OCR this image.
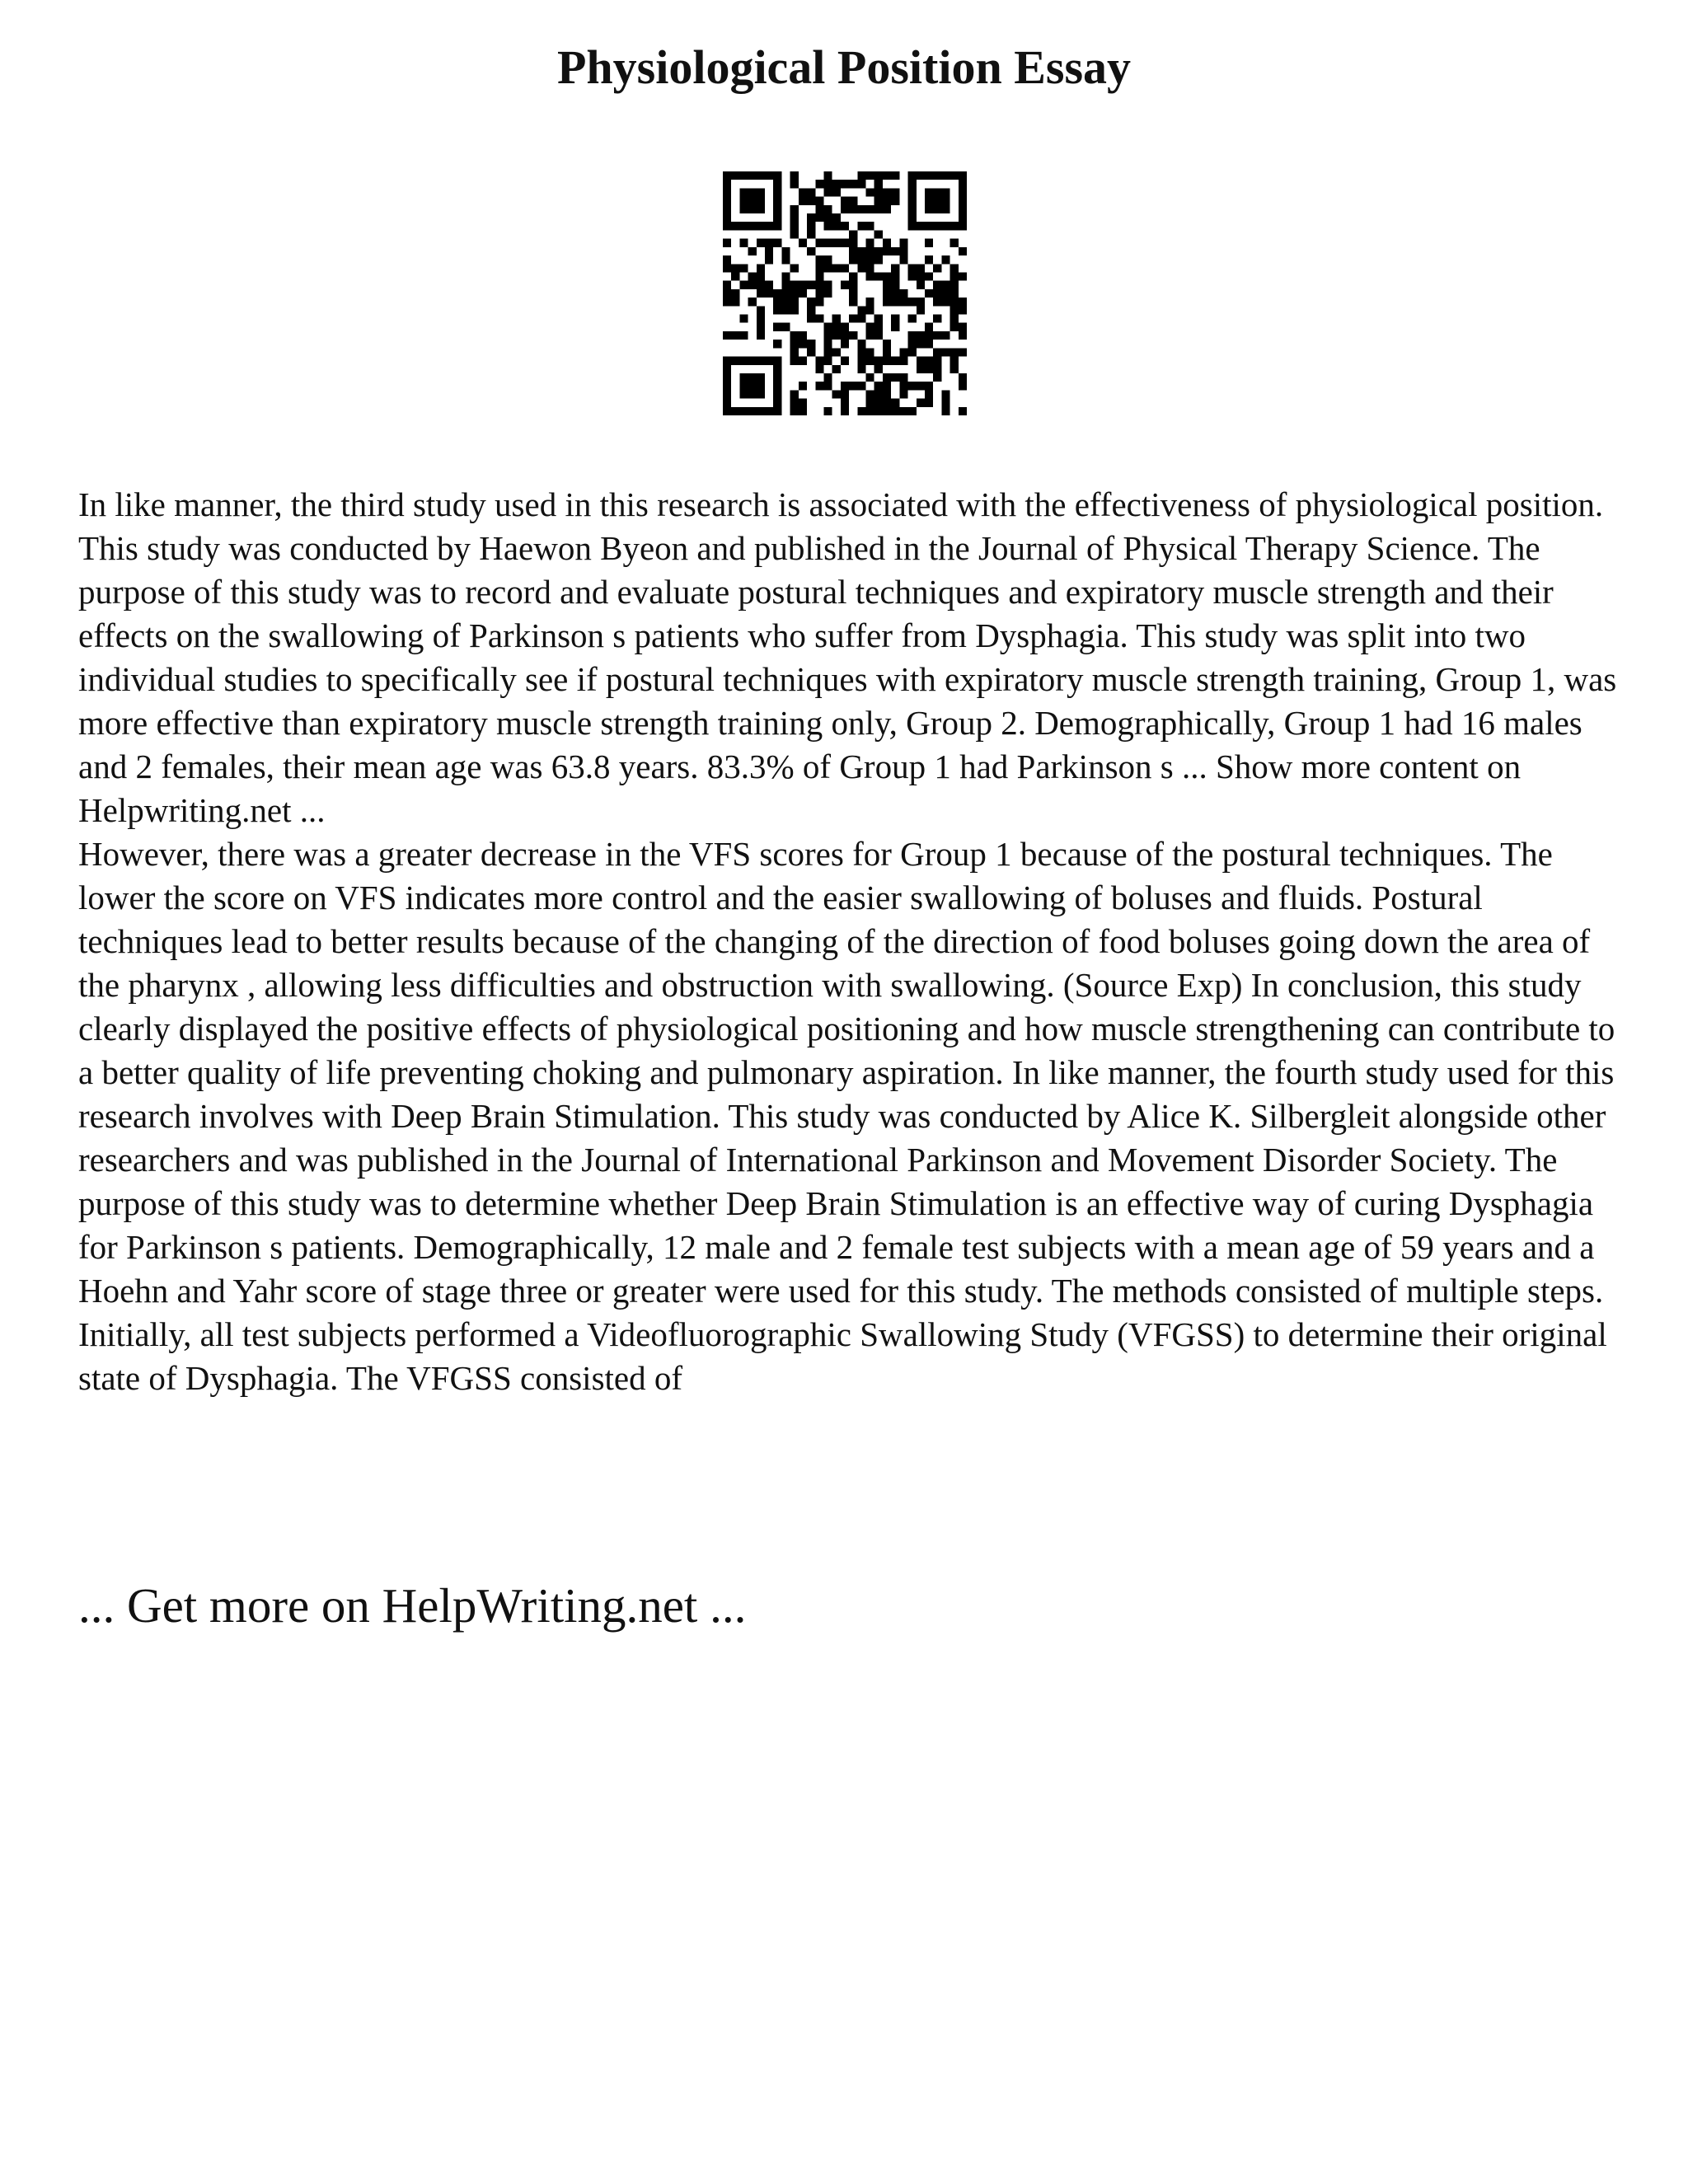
Physiological Position Essay

In like manner, the third study used in this research is associated with the effectiveness of physiological position. This study was conducted by Haewon Byeon and published in the Journal of Physical Therapy Science. The purpose of this study was to record and evaluate postural techniques and expiratory muscle strength and their effects on the swallowing of Parkinson s patients who suffer from Dysphagia. This study was split into two individual studies to specifically see if postural techniques with expiratory muscle strength training, Group 1, was more effective than expiratory muscle strength training only, Group 2. Demographically, Group 1 had 16 males and 2 females, their mean age was 63.8 years. 83.3% of Group 1 had Parkinson s ... Show more content on Helpwriting.net ...

However, there was a greater decrease in the VFS scores for Group 1 because of the postural techniques. The lower the score on VFS indicates more control and the easier swallowing of boluses and fluids. Postural techniques lead to better results because of the changing of the direction of food boluses going down the area of the pharynx , allowing less difficulties and obstruction with swallowing. (Source Exp) In conclusion, this study clearly displayed the positive effects of physiological positioning and how muscle strengthening can contribute to a better quality of life preventing choking and pulmonary aspiration. In like manner, the fourth study used for this research involves with Deep Brain Stimulation. This study was conducted by Alice K. Silbergleit alongside other researchers and was published in the Journal of International Parkinson and Movement Disorder Society. The purpose of this study was to determine whether Deep Brain Stimulation is an effective way of curing Dysphagia for Parkinson s patients. Demographically, 12 male and 2 female test subjects with a mean age of 59 years and a Hoehn and Yahr score of stage three or greater were used for this study. The methods consisted of multiple steps. Initially, all test subjects performed a Videofluorographic Swallowing Study (VFGSS) to determine their original state of Dysphagia. The VFGSS consisted of

... Get more on HelpWriting.net ...
